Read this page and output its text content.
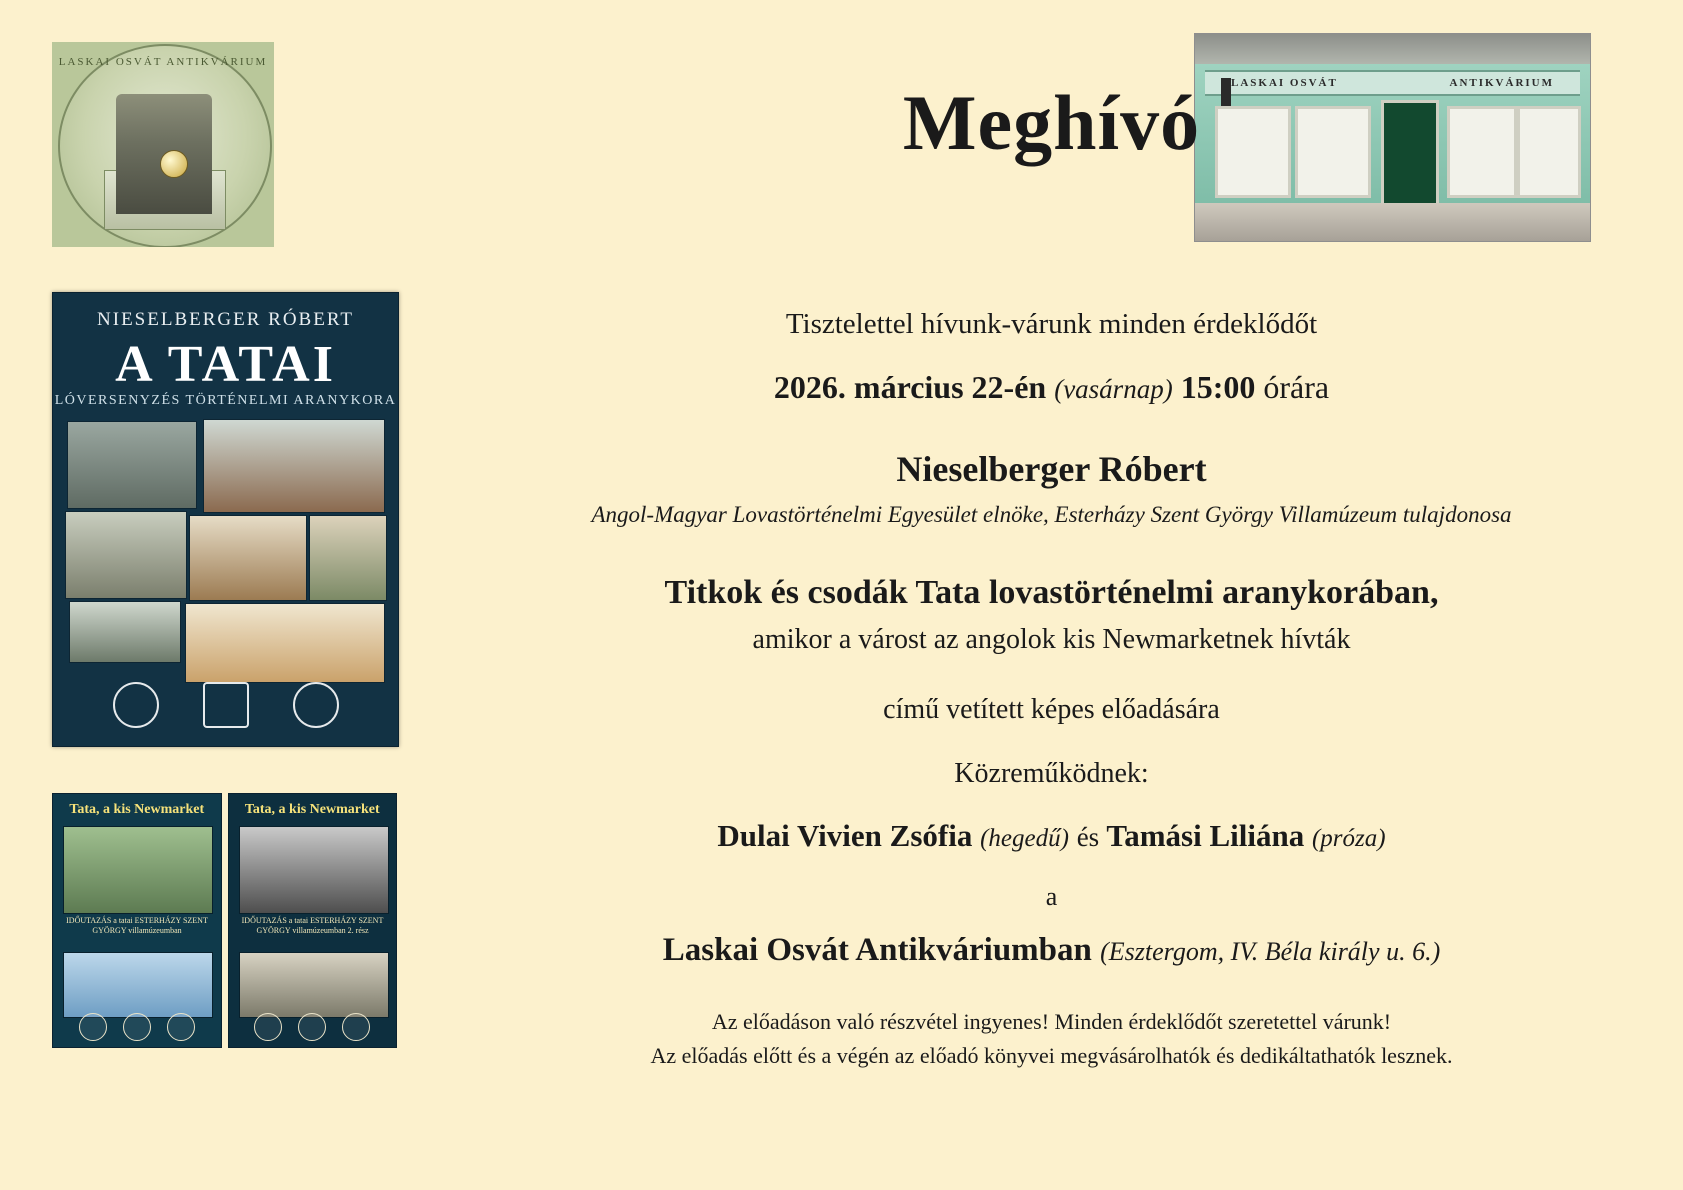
LASKAI OSVÁT ANTIKVÁRIUM
NIESELBERGER RÓBERT
A TATAI
LÓVERSENYZÉS TÖRTÉNELMI ARANYKORA
Tata, a kis Newmarket
IDŐUTAZÁS a tatai ESTERHÁZY SZENT GYÖRGY villamúzeumban
Tata, a kis Newmarket
IDŐUTAZÁS a tatai ESTERHÁZY SZENT GYÖRGY villamúzeumban 2. rész
LASKAI OSVÁT	ANTIKVÁRIUM
Meghívó
Tisztelettel hívunk-várunk minden érdeklődőt
2026. március 22-én (vasárnap) 15:00 órára
Nieselberger Róbert
Angol-Magyar Lovastörténelmi Egyesület elnöke, Esterházy Szent György Villamúzeum tulajdonosa
Titkok és csodák Tata lovastörténelmi aranykorában,
amikor a várost az angolok kis Newmarketnek hívták
című vetített képes előadására
Közreműködnek:
Dulai Vivien Zsófia (hegedű) és Tamási Liliána (próza)
a
Laskai Osvát Antikváriumban (Esztergom, IV. Béla király u. 6.)
Az előadáson való részvétel ingyenes! Minden érdeklődőt szeretettel várunk!
Az előadás előtt és a végén az előadó könyvei megvásárolhatók és dedikáltathatók lesznek.
